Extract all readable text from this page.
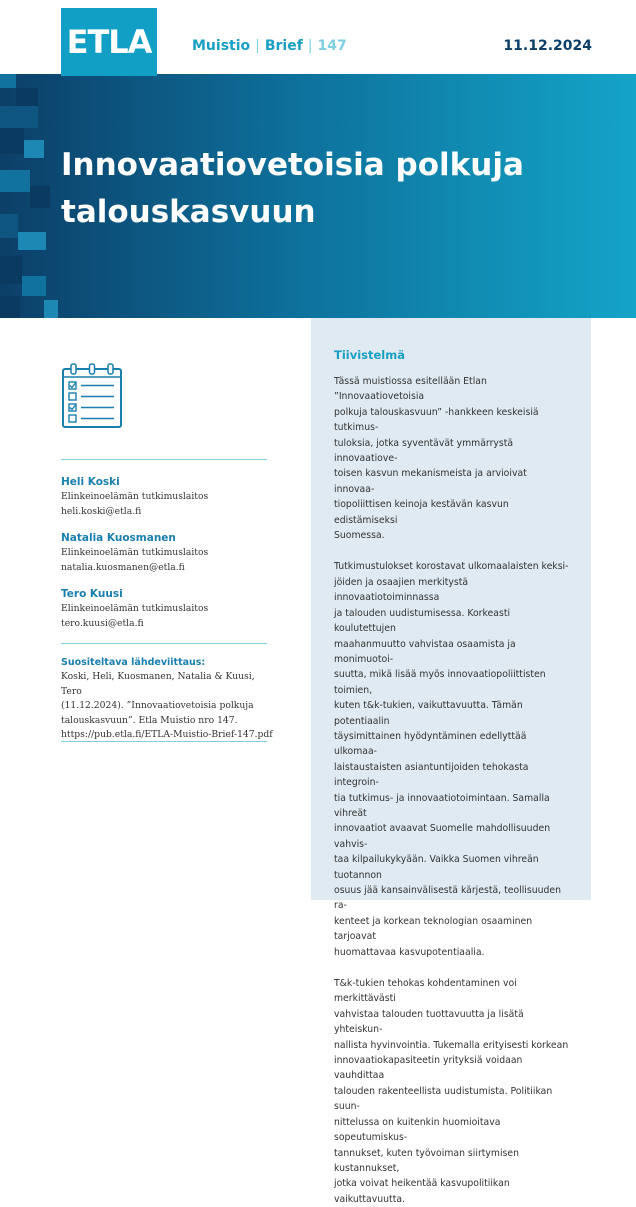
ETLA	Muistio | Brief | 147	11.12.2024
Innovaatiovetoisia polkuja
talouskasvuun
Heli Koski
Elinkeinoelämän tutkimuslaitos
heli.koski@etla.fi
Natalia Kuosmanen
Elinkeinoelämän tutkimuslaitos
natalia.kuosmanen@etla.fi
Tero Kuusi
Elinkeinoelämän tutkimuslaitos
tero.kuusi@etla.fi
Suositeltava lähdeviittaus:
Koski, Heli, Kuosmanen, Natalia & Kuusi, Tero
(11.12.2024). ”Innovaatiovetoisia polkuja
talouskasvuun”. Etla Muistio nro 147.
https://pub.etla.fi/ETLA-Muistio-Brief-147.pdf
Tiivistelmä

Tässä muistiossa esitellään Etlan ”Innovaatiovetoisia
polkuja talouskasvuun” -hankkeen keskeisiä tutkimus-
tuloksia, jotka syventävät ymmärrystä innovaatiove-
toisen kasvun mekanismeista ja arvioivat innovaa-
tiopoliittisen keinoja kestävän kasvun edistämiseksi
Suomessa.

Tutkimustulokset korostavat ulkomaalaisten keksi-
jöiden ja osaajien merkitystä innovaatiotoiminnassa
ja talouden uudistumisessa. Korkeasti koulutettujen
maahanmuutto vahvistaa osaamista ja monimuotoi-
suutta, mikä lisää myös innovaatiopoliittisten toimien,
kuten t&k-tukien, vaikuttavuutta. Tämän potentiaalin
täysimittainen hyödyntäminen edellyttää ulkomaa-
laistaustaisten asiantuntijoiden tehokasta integroin-
tia tutkimus- ja innovaatiotoimintaan. Samalla vihreät
innovaatiot avaavat Suomelle mahdollisuuden vahvis-
taa kilpailukykyään. Vaikka Suomen vihreän tuotannon
osuus jää kansainvälisestä kärjestä, teollisuuden ra-
kenteet ja korkean teknologian osaaminen tarjoavat
huomattavaa kasvupotentiaalia.

T&k-tukien tehokas kohdentaminen voi merkittävästi
vahvistaa talouden tuottavuutta ja lisätä yhteiskun-
nallista hyvinvointia. Tukemalla erityisesti korkean
innovaatiokapasiteetin yrityksiä voidaan vauhdittaa
talouden rakenteellista uudistumista. Politiikan suun-
nittelussa on kuitenkin huomioitava sopeutumiskus-
tannukset, kuten työvoiman siirtymisen kustannukset,
jotka voivat heikentää kasvupolitiikan vaikuttavuutta.
